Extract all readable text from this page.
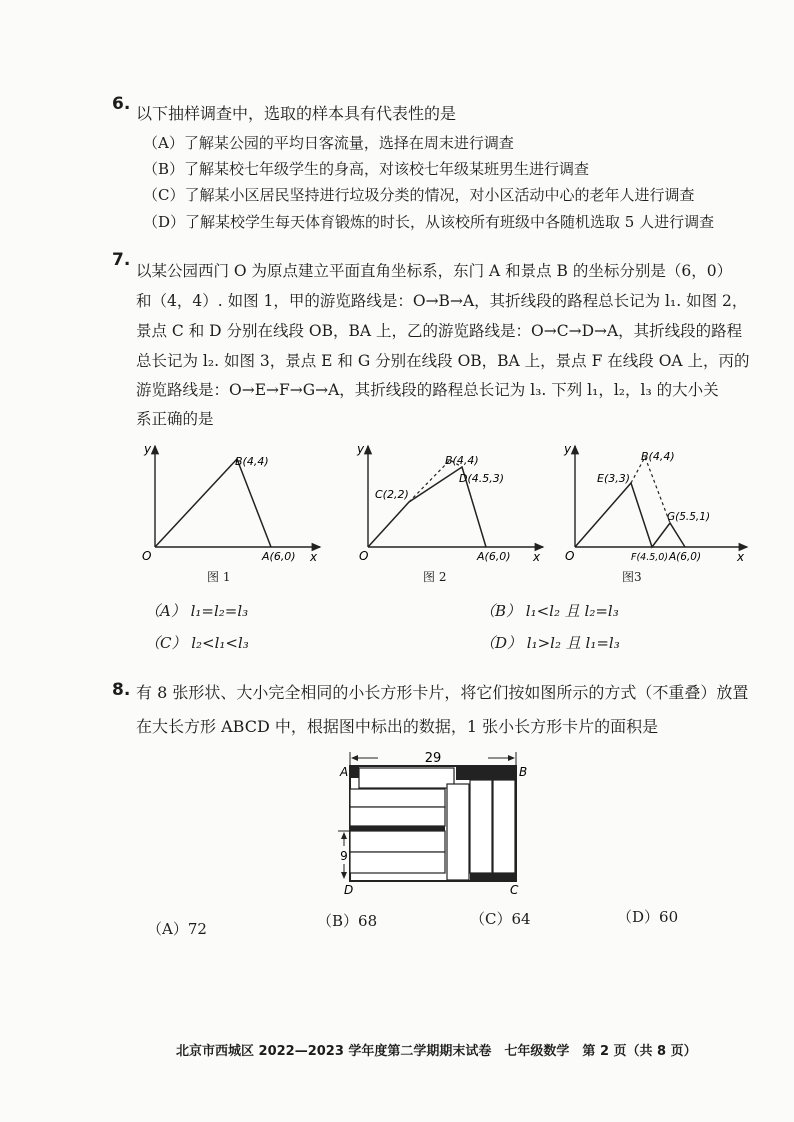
6. 以下抽样调查中，选取的样本具有代表性的是
（A）了解某公园的平均日客流量，选择在周末进行调查
（B）了解某校七年级学生的身高，对该校七年级某班男生进行调查
（C）了解某小区居民坚持进行垃圾分类的情况，对小区活动中心的老年人进行调查
（D）了解某校学生每天体育锻炼的时长，从该校所有班级中各随机选取 5 人进行调查
7.
以某公园西门 O 为原点建立平面直角坐标系，东门 A 和景点 B 的坐标分别是（6，0）
和（4，4）. 如图 1，甲的游览路线是：O→B→A，其折线段的路程总长记为 l₁. 如图 2，
景点 C 和 D 分别在线段 OB，BA 上，乙的游览路线是：O→C→D→A，其折线段的路程
总长记为 l₂. 如图 3，景点 E 和 G 分别在线段 OB，BA 上，景点 F 在线段 OA 上，丙的
游览路线是：O→E→F→G→A，其折线段的路程总长记为 l₃. 下列 l₁，l₂，l₃ 的大小关
系正确的是
y
x
O
B(4,4)
A(6,0)
图 1
y
x
O
B(4,4)
D(4.5,3)
C(2,2)
A(6,0)
图 2
y
x
O
B(4,4)
E(3,3)
G(5.5,1)
F(4.5,0) A(6,0)
图3
（A） l₁=l₂=l₃	（B） l₁<l₂ 且 l₂=l₃
（C） l₂<l₁<l₃	（D） l₁>l₂ 且 l₁=l₃
8. 有 8 张形状、大小完全相同的小长方形卡片，将它们按如图所示的方式（不重叠）放置
在大长方形 ABCD 中，根据图中标出的数据，1 张小长方形卡片的面积是
29
9
A	B
C
D
（A）72	（B）68	（C）64	（D）60
北京市西城区 2022—2023 学年度第二学期期末试卷　七年级数学　第 2 页（共 8 页）
